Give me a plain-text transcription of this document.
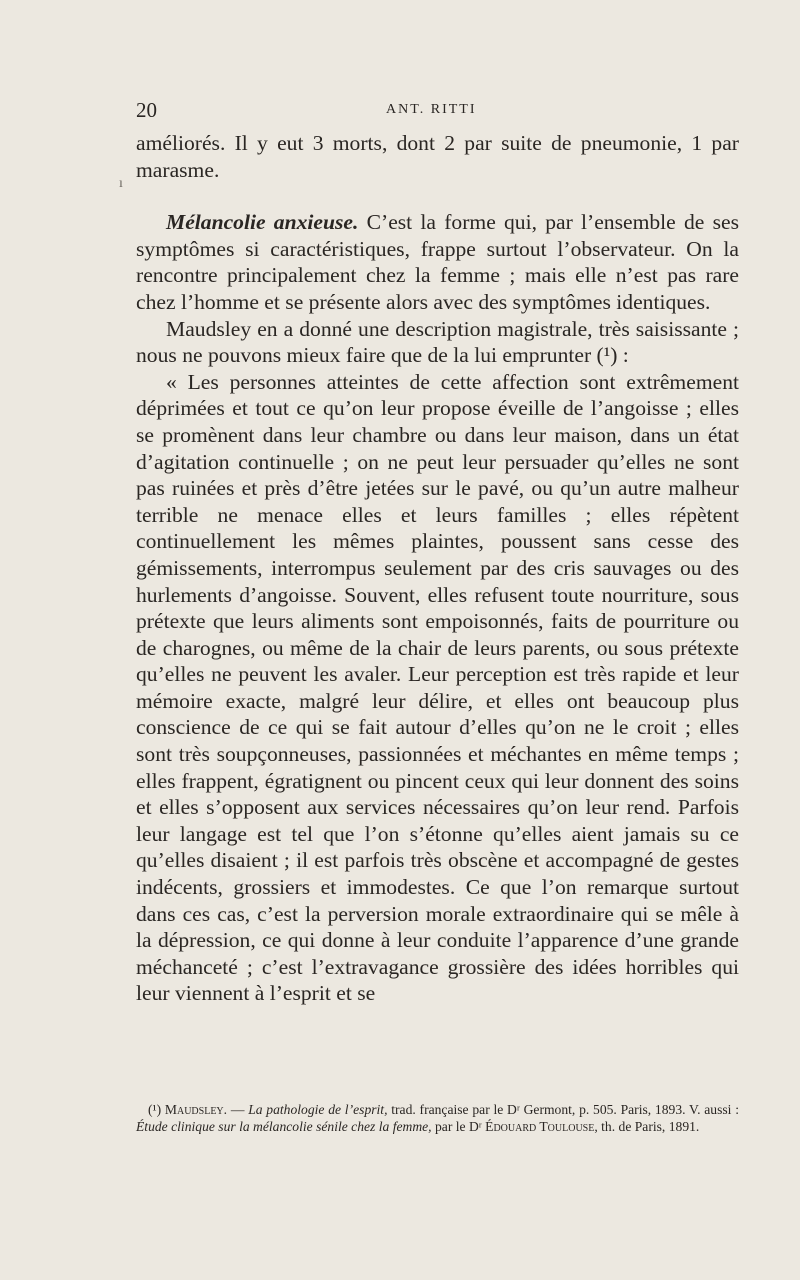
20	ANT. RITTI
ı

améliorés. Il y eut 3 morts, dont 2 par suite de pneumonie, 1 par marasme.

Mélancolie anxieuse. C’est la forme qui, par l’ensemble de ses symptômes si caractéristiques, frappe surtout l’observateur. On la rencontre principalement chez la femme ; mais elle n’est pas rare chez l’homme et se présente alors avec des symptômes identiques.

Maudsley en a donné une description magistrale, très saisissante ; nous ne pouvons mieux faire que de la lui emprunter (¹) :

« Les personnes atteintes de cette affection sont extrêmement déprimées et tout ce qu’on leur propose éveille de l’angoisse ; elles se promènent dans leur chambre ou dans leur maison, dans un état d’agitation continuelle ; on ne peut leur persuader qu’elles ne sont pas ruinées et près d’être jetées sur le pavé, ou qu’un autre malheur terrible ne menace elles et leurs familles ; elles répètent continuellement les mêmes plaintes, poussent sans cesse des gémissements, interrompus seulement par des cris sauvages ou des hurlements d’angoisse. Souvent, elles refusent toute nourriture, sous prétexte que leurs aliments sont empoisonnés, faits de pourriture ou de charognes, ou même de la chair de leurs parents, ou sous prétexte qu’elles ne peuvent les avaler. Leur perception est très rapide et leur mémoire exacte, malgré leur délire, et elles ont beaucoup plus conscience de ce qui se fait autour d’elles qu’on ne le croit ; elles sont très soupçonneuses, passionnées et méchantes en même temps ; elles frappent, égratignent ou pincent ceux qui leur donnent des soins et elles s’opposent aux services nécessaires qu’on leur rend. Parfois leur langage est tel que l’on s’étonne qu’elles aient jamais su ce qu’elles disaient ; il est parfois très obscène et accompagné de gestes indécents, grossiers et immodestes. Ce que l’on remarque surtout dans ces cas, c’est la perversion morale extraordinaire qui se mêle à la dépression, ce qui donne à leur conduite l’apparence d’une grande méchanceté ; c’est l’extravagance grossière des idées horribles qui leur viennent à l’esprit et se

(¹) Maudsley. — La pathologie de l’esprit, trad. française par le Dʳ Germont, p. 505. Paris, 1893. V. aussi : Étude clinique sur la mélancolie sénile chez la femme, par le Dʳ Édouard Toulouse, th. de Paris, 1891.
